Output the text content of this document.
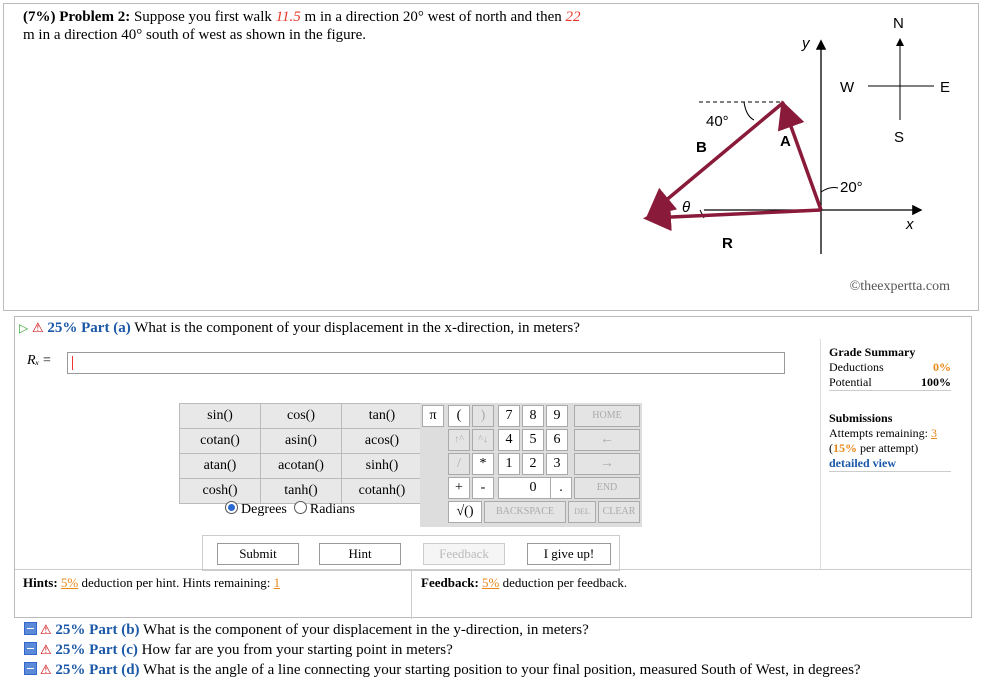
(7%) Problem 2: Suppose you first walk 11.5 m in a direction 20° west of north and then 22 m in a direction 40° south of west as shown in the figure.	y
x
N
S
W	E
40°
20°
θ
A
B
R
©theexpertta.com
▷ ⚠ 25% Part (a) What is the component of your displacement in the x-direction, in meters?
Rₓ =
sin()	cos()	tan()
cotan()	asin()	acos()
atan()	acotan()	sinh()
cosh()	tanh()	cotanh()
Degrees Radians
π	(	)	7	8	9	HOME
↑^	^↓	4	5	6	←
/	*	1	2	3	→
+	-	0	.	END
√()	BACKSPACE	DEL	CLEAR
Submit	Hint	Feedback	I give up!
Hints: 5% deduction per hint. Hints remaining: 1	Feedback: 5% deduction per feedback.
Grade Summary
Deductions	0%
Potential	100%
Submissions
Attempts remaining: 3
(15% per attempt)
detailed view
⚠ 25% Part (b) What is the component of your displacement in the y-direction, in meters?
⚠ 25% Part (c) How far are you from your starting point in meters?
⚠ 25% Part (d) What is the angle of a line connecting your starting position to your final position, measured South of West, in degrees?
